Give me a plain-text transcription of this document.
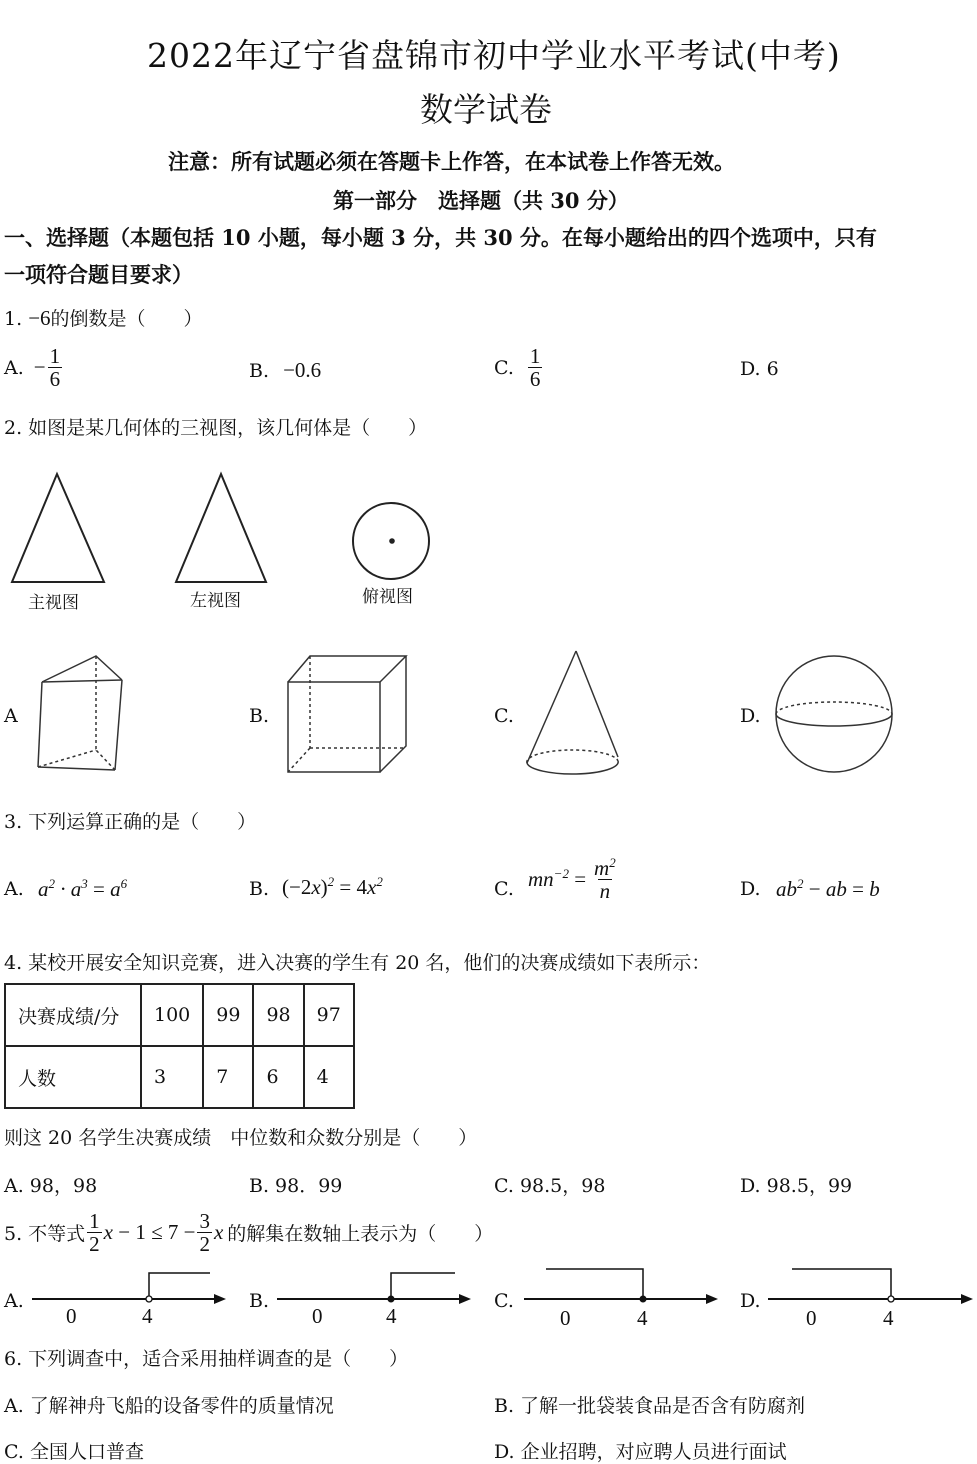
2022年辽宁省盘锦市初中学业水平考试(中考)
数学试卷
注意：所有试题必须在答题卡上作答，在本试卷上作答无效。
第一部分　选择题（共 30 分）
一、选择题（本题包括 10 小题，每小题 3 分，共 30 分。在每小题给出的四个选项中，只有
一项符合题目要求）
1. −6的倒数是（　　）
A. − $\frac{1}{6}$	B. −0.6	C. $\frac{1}{6}$	D. 6
2. 如图是某几何体的三视图，该几何体是（　　）
主视图	左视图	俯视图
A	B.	C.	D.
3. 下列运算正确的是（　　）
A. $a^2 \cdot a^3 = a^6$	B. $(-2x)^2 = 4x^2$	C. $mn^{-2} = \frac{m^2}{n}$	D. $ab^2$ − ab = b
4. 某校开展安全知识竞赛，进入决赛的学生有 20 名，他们的决赛成绩如下表所示：
决赛成绩/分	100	99	98	97
人数	3	7	6	4
则这 20 名学生决赛成绩　中位数和众数分别是（　　）
A. 98，98	B. 98．99	C. 98.5，98	D. 98.5，99
5. 不等式 $\frac{1}{2}$ $x - 1 \le 7 - \frac{3}{2}$ x 的解集在数轴上表示为（　　）
A.
0	4
B.
0	4
C.
0	4
D.
0	4
6. 下列调查中，适合采用抽样调查的是（　　）
A. 了解神舟飞船的设备零件的质量情况	B. 了解一批袋装食品是否含有防腐剂
C. 全国人口普查	D. 企业招聘，对应聘人员进行面试
